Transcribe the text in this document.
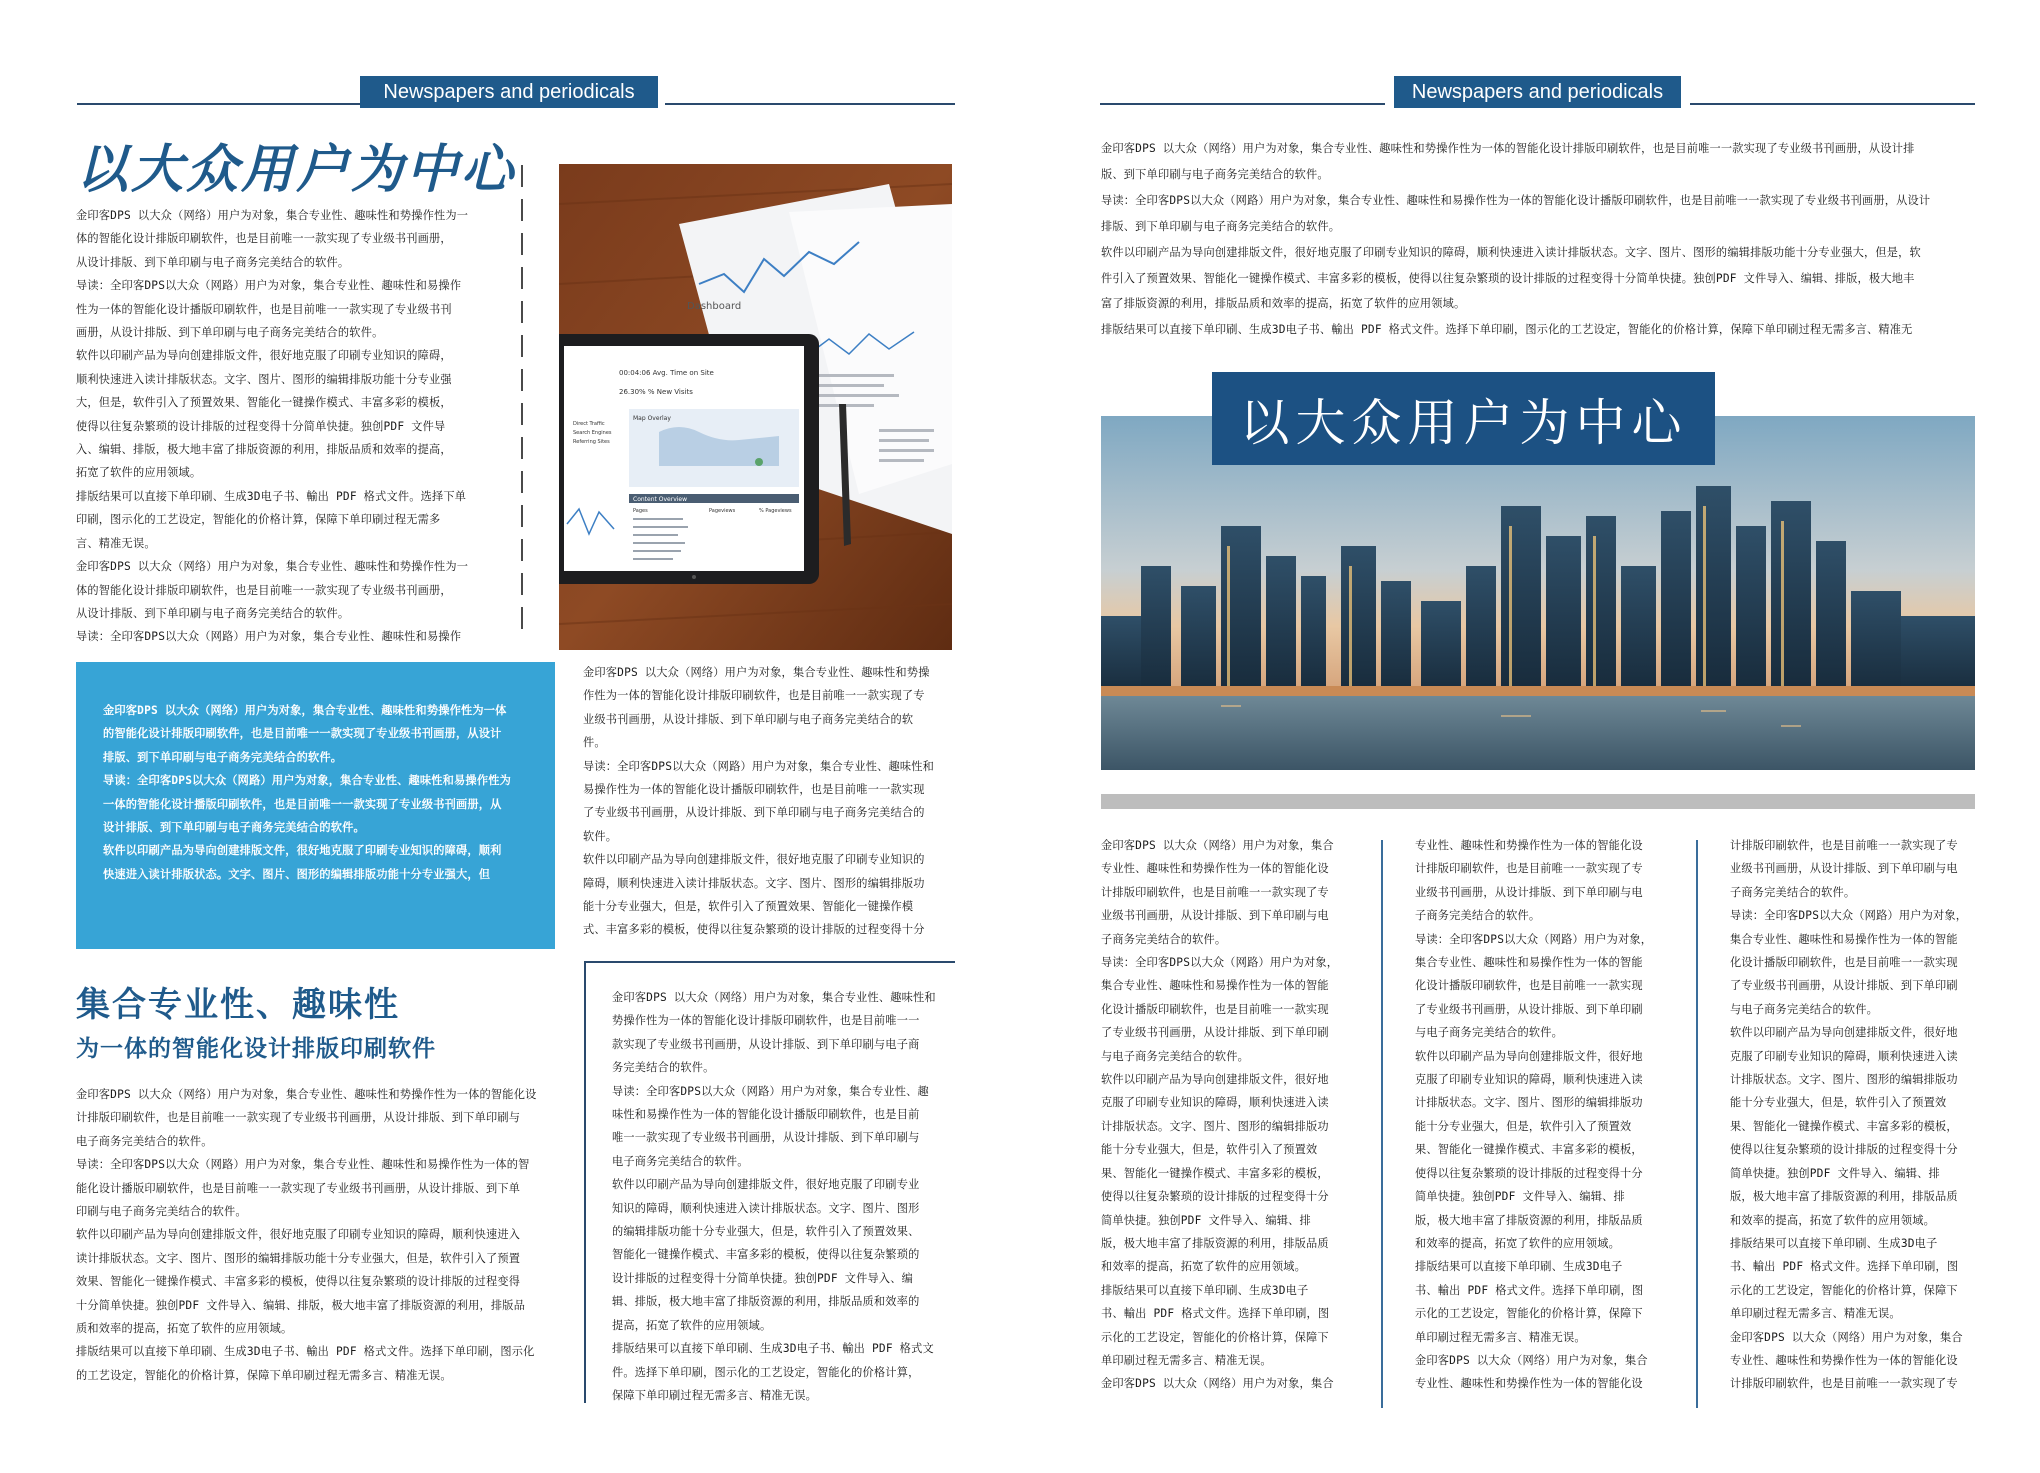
Newspapers and periodicals
以大众用户为中心
金印客DPS 以大众（网络）用户为对象，集合专业性、趣味性和势操作性为一
体的智能化设计排版印刷软件，也是目前唯一一款实现了专业级书刊画册，
从设计排版、到下单印刷与电子商务完美结合的软件。
导读：全印客DPS以大众（网路）用户为对象，集合专业性、趣味性和易操作
性为一体的智能化设计播版印刷软件，也是目前唯一一款实现了专业级书刊
画册，从设计排版、到下单印刷与电子商务完美结合的软件。
软件以印刷产品为导向创建排版文件，很好地克服了印刷专业知识的障碍，
顺利快速进入读计排版状态。文字、图片、图形的编辑排版功能十分专业强
大，但是，软件引入了预置效果、智能化一键操作模式、丰富多彩的模板，
使得以往复杂繁琐的设计排版的过程变得十分简单快捷。独创PDF 文件导
入、编辑、排版，极大地丰富了排版资源的利用，排版品质和效率的提高，
拓宽了软件的应用领域。
排版结果可以直接下单印刷、生成3D电子书、輸出 PDF 格式文件。选择下单
印刷，图示化的工艺设定，智能化的价格计算，保障下单印刷过程无需多
言、精准无误。
金印客DPS 以大众（网络）用户为对象，集合专业性、趣味性和势操作性为一
体的智能化设计排版印刷软件，也是目前唯一一款实现了专业级书刊画册，
从设计排版、到下单印刷与电子商务完美结合的软件。
导读：全印客DPS以大众（网路）用户为对象，集合专业性、趣味性和易操作
Dashboard
00:04:06 Avg. Time on Site
26.30% % New Visits
Map Overlay
Content Overview
Pages	Pageviews	% Pageviews
Direct Traffic
Search Engines
Referring Sites
金印客DPS 以大众（网络）用户为对象，集合专业性、趣味性和势操作性为一体
的智能化设计排版印刷软件，也是目前唯一一款实现了专业级书刊画册，从设计
排版、到下单印刷与电子商务完美结合的软件。
导读：全印客DPS以大众（网路）用户为对象，集合专业性、趣味性和易操作性为
一体的智能化设计播版印刷软件，也是目前唯一一款实现了专业级书刊画册，从
设计排版、到下单印刷与电子商务完美结合的软件。
软件以印刷产品为导向创建排版文件，很好地克服了印刷专业知识的障碍，顺利
快速进入读计排版状态。文字、图片、图形的编辑排版功能十分专业强大，但
金印客DPS 以大众（网络）用户为对象，集合专业性、趣味性和势操
作性为一体的智能化设计排版印刷软件，也是目前唯一一款实现了专
业级书刊画册，从设计排版、到下单印刷与电子商务完美结合的软
件。
导读：全印客DPS以大众（网路）用户为对象，集合专业性、趣味性和
易操作性为一体的智能化设计播版印刷软件，也是目前唯一一款实现
了专业级书刊画册，从设计排版、到下单印刷与电子商务完美结合的
软件。
软件以印刷产品为导向创建排版文件，很好地克服了印刷专业知识的
障碍，顺利快速进入读计排版状态。文字、图片、图形的编辑排版功
能十分专业强大，但是，软件引入了预置效果、智能化一键操作模
式、丰富多彩的模板，使得以往复杂繁琐的设计排版的过程变得十分
金印客DPS 以大众（网络）用户为对象，集合专业性、趣味性和
势操作性为一体的智能化设计排版印刷软件，也是目前唯一一
款实现了专业级书刊画册，从设计排版、到下单印刷与电子商
务完美结合的软件。
导读：全印客DPS以大众（网路）用户为对象，集合专业性、趣
味性和易操作性为一体的智能化设计播版印刷软件，也是目前
唯一一款实现了专业级书刊画册，从设计排版、到下单印刷与
电子商务完美结合的软件。
软件以印刷产品为导向创建排版文件，很好地克服了印刷专业
知识的障碍，顺利快速进入读计排版状态。文字、图片、图形
的编辑排版功能十分专业强大，但是，软件引入了预置效果、
智能化一键操作模式、丰富多彩的模板，使得以往复杂繁琐的
设计排版的过程变得十分简单快捷。独创PDF 文件导入、编
辑、排版，极大地丰富了排版资源的利用，排版品质和效率的
提高，拓宽了软件的应用领域。
排版结果可以直接下单印刷、生成3D电子书、輸出 PDF 格式文
件。选择下单印刷，图示化的工艺设定，智能化的价格计算，
保障下单印刷过程无需多言、精准无误。
集合专业性、趣味性
为一体的智能化设计排版印刷软件
金印客DPS 以大众（网络）用户为对象，集合专业性、趣味性和势操作性为一体的智能化设
计排版印刷软件，也是目前唯一一款实现了专业级书刊画册，从设计排版、到下单印刷与
电子商务完美结合的软件。
导读：全印客DPS以大众（网路）用户为对象，集合专业性、趣味性和易操作性为一体的智
能化设计播版印刷软件，也是目前唯一一款实现了专业级书刊画册，从设计排版、到下单
印刷与电子商务完美结合的软件。
软件以印刷产品为导向创建排版文件，很好地克服了印刷专业知识的障碍，顺利快速进入
读计排版状态。文字、图片、图形的编辑排版功能十分专业强大，但是，软件引入了预置
效果、智能化一键操作模式、丰富多彩的模板，使得以往复杂繁琐的设计排版的过程变得
十分简单快捷。独创PDF 文件导入、编辑、排版，极大地丰富了排版资源的利用，排版品
质和效率的提高，拓宽了软件的应用领域。
排版结果可以直接下单印刷、生成3D电子书、輸出 PDF 格式文件。选择下单印刷，图示化
的工艺设定，智能化的价格计算，保障下单印刷过程无需多言、精准无误。
Newspapers and periodicals
金印客DPS 以大众（网络）用户为对象，集合专业性、趣味性和势操作性为一体的智能化设计排版印刷软件，也是目前唯一一款实现了专业级书刊画册，从设计排
版、到下单印刷与电子商务完美结合的软件。
导读：全印客DPS以大众（网路）用户为对象，集合专业性、趣味性和易操作性为一体的智能化设计播版印刷软件，也是目前唯一一款实现了专业级书刊画册，从设计
排版、到下单印刷与电子商务完美结合的软件。
软件以印刷产品为导向创建排版文件，很好地克服了印刷专业知识的障碍，顺利快速进入读计排版状态。文字、图片、图形的编辑排版功能十分专业强大，但是，软
件引入了预置效果、智能化一键操作模式、丰富多彩的模板，使得以往复杂繁琐的设计排版的过程变得十分简单快捷。独创PDF 文件导入、编辑、排版，极大地丰
富了排版资源的利用，排版品质和效率的提高，拓宽了软件的应用领域。
排版结果可以直接下单印刷、生成3D电子书、輸出 PDF 格式文件。选择下单印刷，图示化的工艺设定，智能化的价格计算，保障下单印刷过程无需多言、精准无
以大众用户为中心
金印客DPS 以大众（网络）用户为对象，集合
专业性、趣味性和势操作性为一体的智能化设
计排版印刷软件，也是目前唯一一款实现了专
业级书刊画册，从设计排版、到下单印刷与电
子商务完美结合的软件。
导读：全印客DPS以大众（网路）用户为对象，
集合专业性、趣味性和易操作性为一体的智能
化设计播版印刷软件，也是目前唯一一款实现
了专业级书刊画册，从设计排版、到下单印刷
与电子商务完美结合的软件。
软件以印刷产品为导向创建排版文件，很好地
克服了印刷专业知识的障碍，顺利快速进入读
计排版状态。文字、图片、图形的编辑排版功
能十分专业强大，但是，软件引入了预置效
果、智能化一键操作模式、丰富多彩的模板，
使得以往复杂繁琐的设计排版的过程变得十分
简单快捷。独创PDF 文件导入、编辑、排
版，极大地丰富了排版资源的利用，排版品质
和效率的提高，拓宽了软件的应用领域。
排版结果可以直接下单印刷、生成3D电子
书、輸出 PDF 格式文件。选择下单印刷，图
示化的工艺设定，智能化的价格计算，保障下
单印刷过程无需多言、精准无误。
金印客DPS 以大众（网络）用户为对象，集合
专业性、趣味性和势操作性为一体的智能化设
计排版印刷软件，也是目前唯一一款实现了专
业级书刊画册，从设计排版、到下单印刷与电
子商务完美结合的软件。
导读：全印客DPS以大众（网路）用户为对象，
集合专业性、趣味性和易操作性为一体的智能
化设计播版印刷软件，也是目前唯一一款实现
了专业级书刊画册，从设计排版、到下单印刷
与电子商务完美结合的软件。
软件以印刷产品为导向创建排版文件，很好地
克服了印刷专业知识的障碍，顺利快速进入读
计排版状态。文字、图片、图形的编辑排版功
能十分专业强大，但是，软件引入了预置效
果、智能化一键操作模式、丰富多彩的模板，
使得以往复杂繁琐的设计排版的过程变得十分
简单快捷。独创PDF 文件导入、编辑、排
版，极大地丰富了排版资源的利用，排版品质
和效率的提高，拓宽了软件的应用领域。
排版结果可以直接下单印刷、生成3D电子
书、輸出 PDF 格式文件。选择下单印刷，图
示化的工艺设定，智能化的价格计算，保障下
单印刷过程无需多言、精准无误。
金印客DPS 以大众（网络）用户为对象，集合
专业性、趣味性和势操作性为一体的智能化设
计排版印刷软件，也是目前唯一一款实现了专
业级书刊画册，从设计排版、到下单印刷与电
子商务完美结合的软件。
导读：全印客DPS以大众（网路）用户为对象，
集合专业性、趣味性和易操作性为一体的智能
化设计播版印刷软件，也是目前唯一一款实现
了专业级书刊画册，从设计排版、到下单印刷
与电子商务完美结合的软件。
软件以印刷产品为导向创建排版文件，很好地
克服了印刷专业知识的障碍，顺利快速进入读
计排版状态。文字、图片、图形的编辑排版功
能十分专业强大，但是，软件引入了预置效
果、智能化一键操作模式、丰富多彩的模板，
使得以往复杂繁琐的设计排版的过程变得十分
简单快捷。独创PDF 文件导入、编辑、排
版，极大地丰富了排版资源的利用，排版品质
和效率的提高，拓宽了软件的应用领域。
排版结果可以直接下单印刷、生成3D电子
书、輸出 PDF 格式文件。选择下单印刷，图
示化的工艺设定，智能化的价格计算，保障下
单印刷过程无需多言、精准无误。
金印客DPS 以大众（网络）用户为对象，集合
专业性、趣味性和势操作性为一体的智能化设
计排版印刷软件，也是目前唯一一款实现了专
